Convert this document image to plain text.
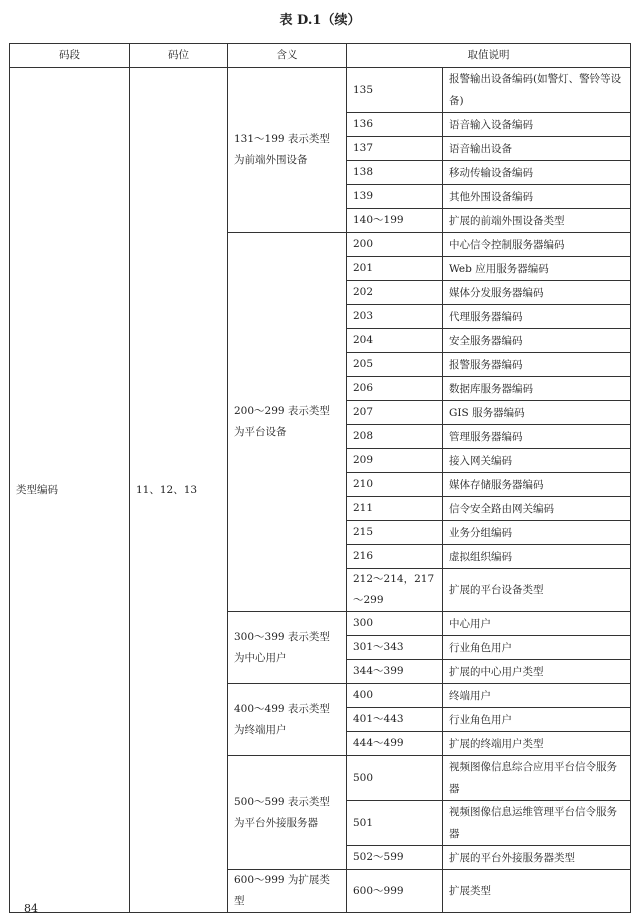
表 D.1（续）
码段	码位	含义	取值说明	
类型编码	11、12、13	131～199 表示类型为前端外围设备	135	报警输出设备编码(如警灯、警铃等设备)
			136	语音输入设备编码
			137	语音输出设备
			138	移动传输设备编码
			139	其他外围设备编码
			140～199	扩展的前端外围设备类型
		200～299 表示类型为平台设备	200	中心信令控制服务器编码
			201	Web 应用服务器编码
			202	媒体分发服务器编码
			203	代理服务器编码
			204	安全服务器编码
			205	报警服务器编码
			206	数据库服务器编码
			207	GIS 服务器编码
			208	管理服务器编码
			209	接入网关编码
			210	媒体存储服务器编码
			211	信令安全路由网关编码
			215	业务分组编码
			216	虚拟组织编码
			212～214，217～299	扩展的平台设备类型
		300～399 表示类型为中心用户	300	中心用户
			301～343	行业角色用户
			344～399	扩展的中心用户类型
		400～499 表示类型为终端用户	400	终端用户
			401～443	行业角色用户
			444～499	扩展的终端用户类型
		500～599 表示类型为平台外接服务器	500	视频图像信息综合应用平台信令服务器
			501	视频图像信息运维管理平台信令服务器
			502～599	扩展的平台外接服务器类型
		600～999 为扩展类型	600～999	扩展类型
84
